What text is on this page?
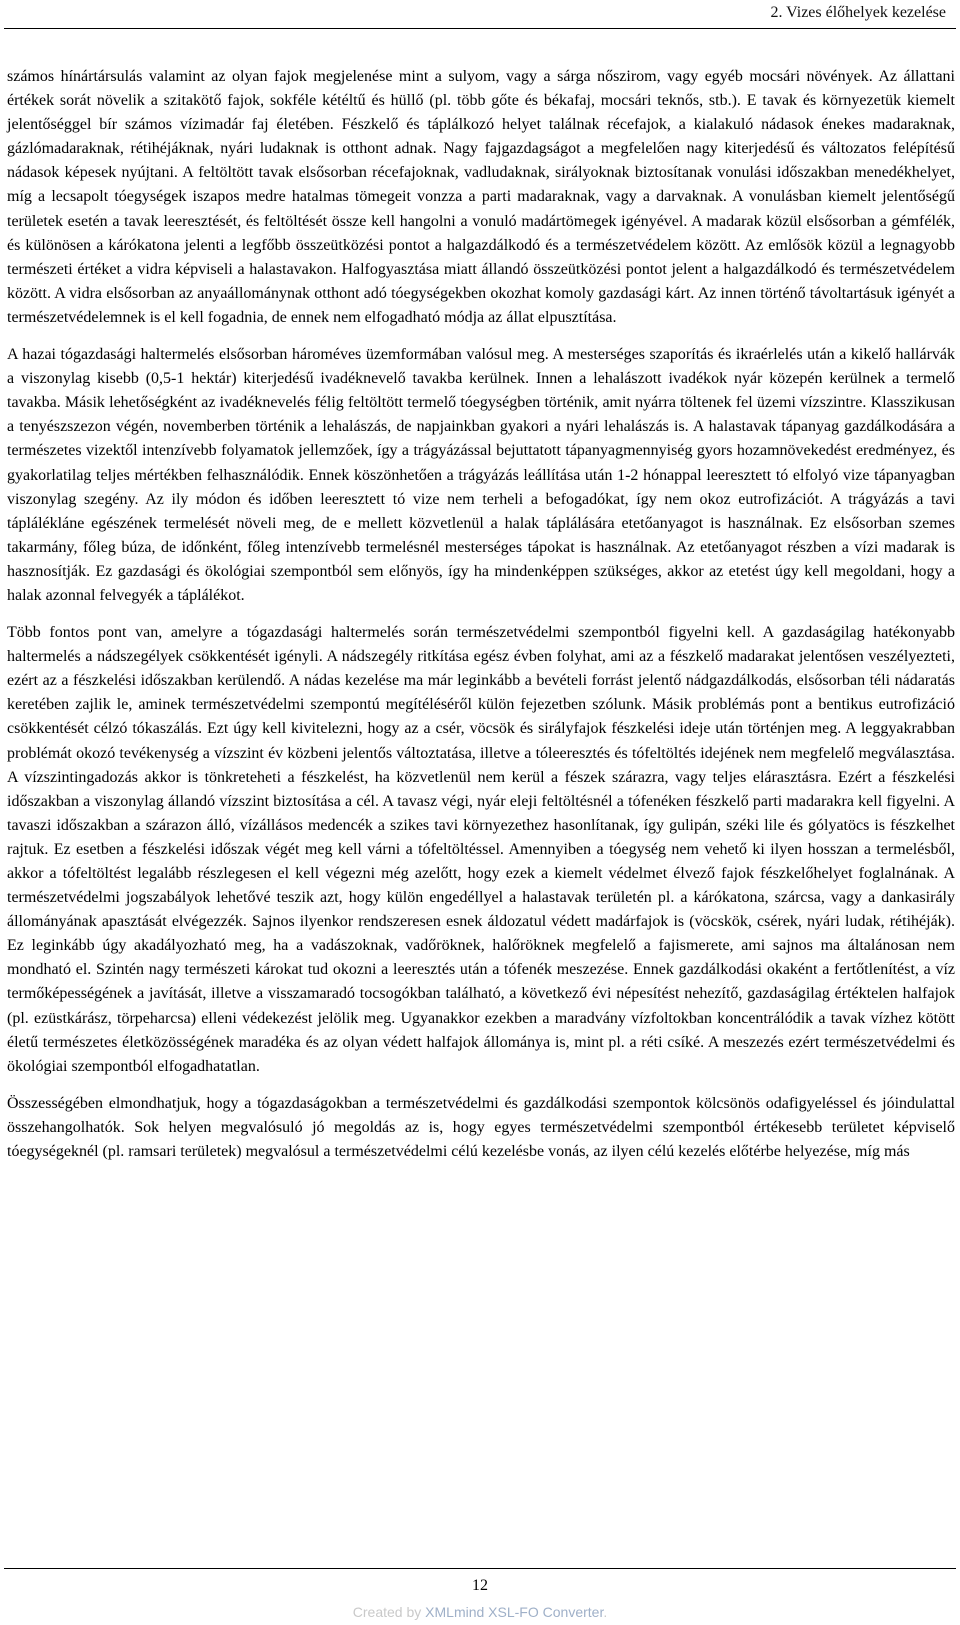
2. Vizes élőhelyek kezelése

számos hínártársulás valamint az olyan fajok megjelenése mint a sulyom, vagy a sárga nőszirom, vagy egyéb mocsári növények. Az állattani értékek sorát növelik a szitakötő fajok, sokféle kétéltű és hüllő (pl. több gőte és békafaj, mocsári teknős, stb.). E tavak és környezetük kiemelt jelentőséggel bír számos vízimadár faj életében. Fészkelő és táplálkozó helyet találnak récefajok, a kialakuló nádasok énekes madaraknak, gázlómadaraknak, rétihéjáknak, nyári ludaknak is otthont adnak. Nagy fajgazdagságot a megfelelően nagy kiterjedésű és változatos felépítésű nádasok képesek nyújtani. A feltöltött tavak elsősorban récefajoknak, vadludaknak, sirályoknak biztosítanak vonulási időszakban menedékhelyet, míg a lecsapolt tóegységek iszapos medre hatalmas tömegeit vonzza a parti madaraknak, vagy a darvaknak. A vonulásban kiemelt jelentőségű területek esetén a tavak leeresztését, és feltöltését össze kell hangolni a vonuló madártömegek igényével. A madarak közül elsősorban a gémfélék, és különösen a kárókatona jelenti a legfőbb összeütközési pontot a halgazdálkodó és a természetvédelem között. Az emlősök közül a legnagyobb természeti értéket a vidra képviseli a halastavakon. Halfogyasztása miatt állandó összeütközési pontot jelent a halgazdálkodó és természetvédelem között. A vidra elsősorban az anyaállománynak otthont adó tóegységekben okozhat komoly gazdasági kárt. Az innen történő távoltartásuk igényét a természetvédelemnek is el kell fogadnia, de ennek nem elfogadható módja az állat elpusztítása.

A hazai tógazdasági haltermelés elsősorban hároméves üzemformában valósul meg. A mesterséges szaporítás és ikraérlelés után a kikelő hallárvák a viszonylag kisebb (0,5-1 hektár) kiterjedésű ivadéknevelő tavakba kerülnek. Innen a lehalászott ivadékok nyár közepén kerülnek a termelő tavakba. Másik lehetőségként az ivadéknevelés félig feltöltött termelő tóegységben történik, amit nyárra töltenek fel üzemi vízszintre. Klasszikusan a tenyészszezon végén, novemberben történik a lehalászás, de napjainkban gyakori a nyári lehalászás is. A halastavak tápanyag gazdálkodására a természetes vizektől intenzívebb folyamatok jellemzőek, így a trágyázással bejuttatott tápanyagmennyiség gyors hozamnövekedést eredményez, és gyakorlatilag teljes mértékben felhasználódik. Ennek köszönhetően a trágyázás leállítása után 1-2 hónappal leeresztett tó elfolyó vize tápanyagban viszonylag szegény. Az ily módon és időben leeresztett tó vize nem terheli a befogadókat, így nem okoz eutrofizációt. A trágyázás a tavi táplálékláne egészének termelését növeli meg, de e mellett közvetlenül a halak táplálására etetőanyagot is használnak. Ez elsősorban szemes takarmány, főleg búza, de időnként, főleg intenzívebb termelésnél mesterséges tápokat is használnak. Az etetőanyagot részben a vízi madarak is hasznosítják. Ez gazdasági és ökológiai szempontból sem előnyös, így ha mindenképpen szükséges, akkor az etetést úgy kell megoldani, hogy a halak azonnal felvegyék a táplálékot.

Több fontos pont van, amelyre a tógazdasági haltermelés során természetvédelmi szempontból figyelni kell. A gazdaságilag hatékonyabb haltermelés a nádszegélyek csökkentését igényli. A nádszegély ritkítása egész évben folyhat, ami az a fészkelő madarakat jelentősen veszélyezteti, ezért az a fészkelési időszakban kerülendő. A nádas kezelése ma már leginkább a bevételi forrást jelentő nádgazdálkodás, elsősorban téli nádaratás keretében zajlik le, aminek természetvédelmi szempontú megítéléséről külön fejezetben szólunk. Másik problémás pont a bentikus eutrofizáció csökkentését célzó tókaszálás. Ezt úgy kell kivitelezni, hogy az a csér, vöcsök és sirályfajok fészkelési ideje után történjen meg. A leggyakrabban problémát okozó tevékenység a vízszint év közbeni jelentős változtatása, illetve a tóleeresztés és tófeltöltés idejének nem megfelelő megválasztása. A vízszintingadozás akkor is tönkreteheti a fészkelést, ha közvetlenül nem kerül a fészek szárazra, vagy teljes elárasztásra. Ezért a fészkelési időszakban a viszonylag állandó vízszint biztosítása a cél. A tavasz végi, nyár eleji feltöltésnél a tófenéken fészkelő parti madarakra kell figyelni. A tavaszi időszakban a szárazon álló, vízállásos medencék a szikes tavi környezethez hasonlítanak, így gulipán, széki lile és gólyatöcs is fészkelhet rajtuk. Ez esetben a fészkelési időszak végét meg kell várni a tófeltöltéssel. Amennyiben a tóegység nem vehető ki ilyen hosszan a termelésből, akkor a tófeltöltést legalább részlegesen el kell végezni még azelőtt, hogy ezek a kiemelt védelmet élvező fajok fészkelőhelyet foglalnának. A természetvédelmi jogszabályok lehetővé teszik azt, hogy külön engedéllyel a halastavak területén pl. a kárókatona, szárcsa, vagy a dankasirály állományának apasztását elvégezzék. Sajnos ilyenkor rendszeresen esnek áldozatul védett madárfajok is (vöcskök, csérek, nyári ludak, rétihéják). Ez leginkább úgy akadályozható meg, ha a vadászoknak, vadőröknek, halőröknek megfelelő a fajismerete, ami sajnos ma általánosan nem mondható el. Szintén nagy természeti károkat tud okozni a leeresztés után a tófenék meszezése. Ennek gazdálkodási okaként a fertőtlenítést, a víz termőképességének a javítását, illetve a visszamaradó tocsogókban található, a következő évi népesítést nehezítő, gazdaságilag értéktelen halfajok (pl. ezüstkárász, törpeharcsa) elleni védekezést jelölik meg. Ugyanakkor ezekben a maradvány vízfoltokban koncentrálódik a tavak vízhez kötött életű természetes életközösségének maradéka és az olyan védett halfajok állománya is, mint pl. a réti csíké. A meszezés ezért természetvédelmi és ökológiai szempontból elfogadhatatlan.

Összességében elmondhatjuk, hogy a tógazdaságokban a természetvédelmi és gazdálkodási szempontok kölcsönös odafigyeléssel és jóindulattal összehangolhatók. Sok helyen megvalósuló jó megoldás az is, hogy egyes természetvédelmi szempontból értékesebb területet képviselő tóegységeknél (pl. ramsari területek) megvalósul a természetvédelmi célú kezelésbe vonás, az ilyen célú kezelés előtérbe helyezése, míg más

12
Created by XMLmind XSL-FO Converter.
